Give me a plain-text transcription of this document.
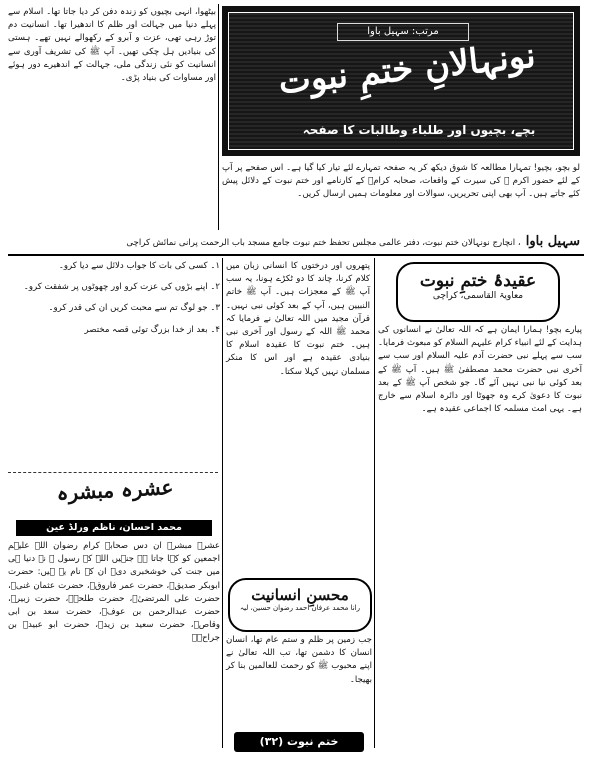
بیٹھوا، انہی بچیوں کو زندہ دفن کر دیا جاتا تھا۔ اسلام سے پہلے دنیا میں جہالت اور ظلم کا اندھیرا تھا۔ انسانیت دم توڑ رہی تھی، عزت و آبرو کے رکھوالے نہیں تھے۔ ہستی کی بنیادیں ہل چکی تھیں۔ آپ ﷺ کی تشریف آوری سے انسانیت کو نئی زندگی ملی، جہالت کے اندھیرے دور ہوئے اور مساوات کی بنیاد پڑی۔

مرتب: سہیل باوا
نونہالانِ ختمِ نبوت
بچے، بچیوں اور طلباء وطالبات کا صفحہ

لو بچو، بچیو! تمہارا مطالعہ کا شوق دیکھ کر یہ صفحہ تمہارے لئے تیار کیا گیا ہے۔ اس صفحے پر آپ کے لئے حضور اکرم ﷺ کی سیرت کے واقعات، صحابہ کرامؓ کے کارنامے اور ختم نبوت کے دلائل پیش کئے جاتے ہیں۔ آپ بھی اپنی تحریریں، سوالات اور معلومات ہمیں ارسال کریں۔

سہیل باوا ، انچارج نونہالان ختم نبوت، دفتر عالمی مجلس تحفظ ختم نبوت جامع مسجد باب الرحمت پرانی نمائش کراچی

۱۔ کسی کی بات کا جواب دلائل سے دیا کرو۔

۲۔ اپنے بڑوں کی عزت کرو اور چھوٹوں پر شفقت کرو۔

۳۔ جو لوگ تم سے محبت کریں ان کی قدر کرو۔

۴۔ بعد از خدا بزرگ توئی قصہ مختصر

پتھروں اور درختوں کا انسانی زبان میں کلام کرنا، چاند کا دو ٹکڑے ہونا، یہ سب آپ ﷺ کے معجزات ہیں۔ آپ ﷺ خاتم النبیین ہیں، آپ کے بعد کوئی نبی نہیں۔ قرآن مجید میں اللہ تعالیٰ نے فرمایا کہ محمد ﷺ اللہ کے رسول اور آخری نبی ہیں۔ ختم نبوت کا عقیدہ اسلام کا بنیادی عقیدہ ہے اور اس کا منکر مسلمان نہیں کہلا سکتا۔

عقیدۂ ختمِ نبوت
معاویۃ القاسمی، کراچی

پیارے بچو! ہمارا ایمان ہے کہ اللہ تعالیٰ نے انسانوں کی ہدایت کے لئے انبیاء کرام علیہم السلام کو مبعوث فرمایا۔ سب سے پہلے نبی حضرت آدم علیہ السلام اور سب سے آخری نبی حضرت محمد مصطفیٰ ﷺ ہیں۔ آپ ﷺ کے بعد کوئی نیا نبی نہیں آئے گا۔ جو شخص آپ ﷺ کے بعد نبوت کا دعویٰ کرے وہ جھوٹا اور دائرہ اسلام سے خارج ہے۔ یہی امت مسلمہ کا اجماعی عقیدہ ہے۔

عشرہ مبشرہ
محمد احسان، ناظم ورلڈ عین

عشرہ مبشرہ ان دس صحابہ کرام رضوان اللہ علیہم اجمعین کو کہا جاتا ہے جنہیں اللہ کے رسول ﷺ نے دنیا ہی میں جنت کی خوشخبری دی۔ ان کے نام یہ ہیں: حضرت ابوبکر صدیقؓ، حضرت عمر فاروقؓ، حضرت عثمان غنیؓ، حضرت علی المرتضیٰؓ، حضرت طلحہؓ، حضرت زبیرؓ، حضرت عبدالرحمن بن عوفؓ، حضرت سعد بن ابی وقاصؓ، حضرت سعید بن زیدؓ، حضرت ابو عبیدہ بن جراحؓ۔

محسنِ انسانیت
رانا محمد عرفان احمد رضوان حسین، لیہ

جب زمین پر ظلم و ستم عام تھا، انسان انسان کا دشمن تھا، تب اللہ تعالیٰ نے اپنے محبوب ﷺ کو رحمت للعالمین بنا کر بھیجا۔

ختم نبوت (۳۲)
